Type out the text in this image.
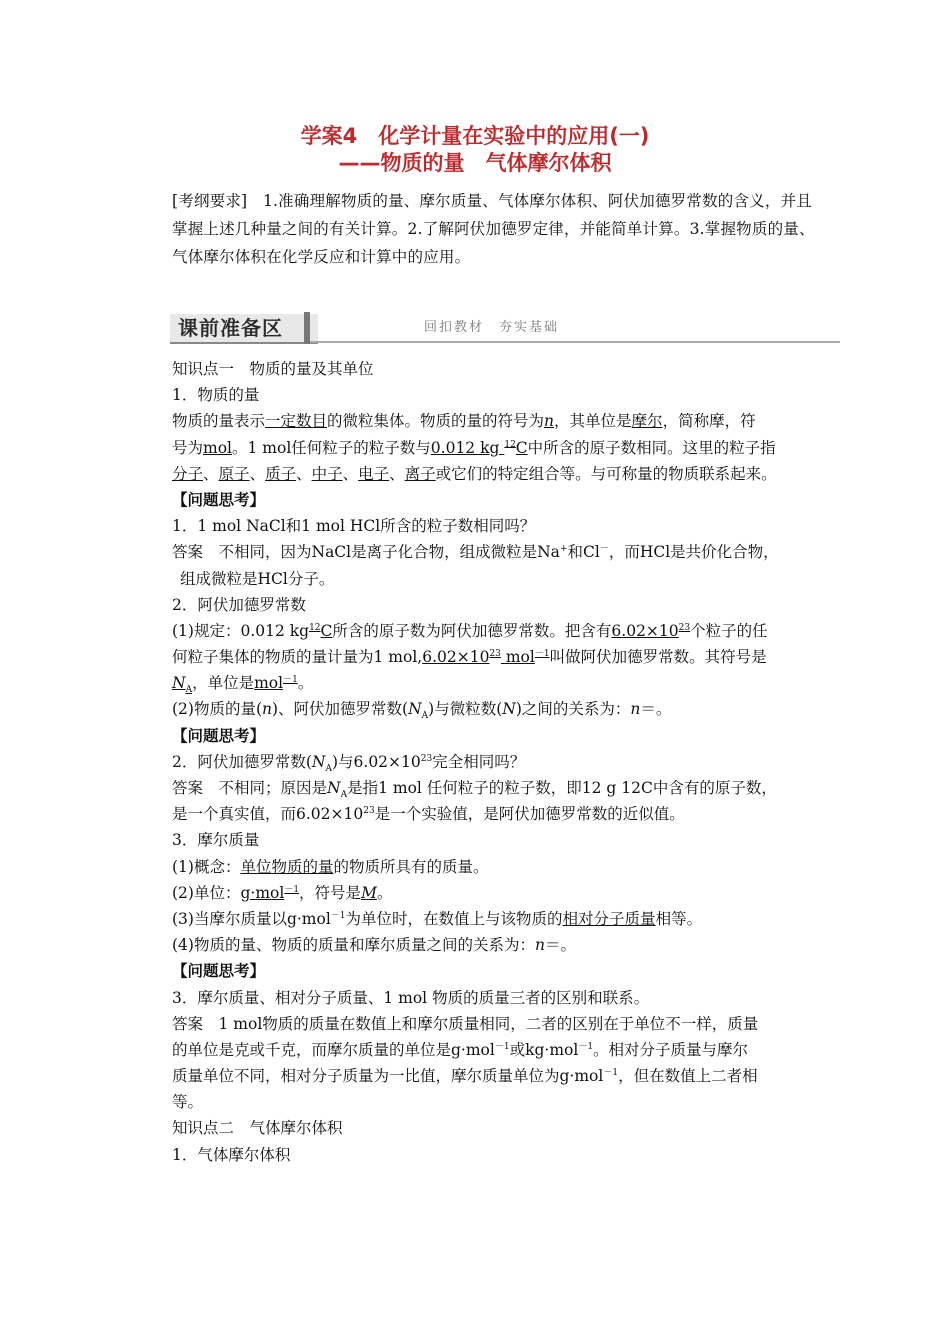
学案4　化学计量在实验中的应用(一)
——物质的量　气体摩尔体积
[考纲要求]　1.准确理解物质的量、摩尔质量、气体摩尔体积、阿伏加德罗常数的含义，并且掌握上述几种量之间的有关计算。2.了解阿伏加德罗定律，并能简单计算。3.掌握物质的量、气体摩尔体积在化学反应和计算中的应用。
课前准备区	回扣教材　夯实基础
知识点一　物质的量及其单位
1．物质的量
物质的量表示一定数目的微粒集体。物质的量的符号为n，其单位是摩尔，简称摩，符
号为mol。1 mol任何粒子的粒子数与0.012 kg $^{12}$C中所含的原子数相同。这里的粒子指
分子、原子、质子、中子、电子、离子或它们的特定组合等。与可称量的物质联系起来。
【问题思考】
1．1 mol NaCl和1 mol HCl所含的粒子数相同吗？
答案　不相同，因为NaCl是离子化合物，组成微粒是Na+和Cl－，而HCl是共价化合物，
组成微粒是HCl分子。
2．阿伏加德罗常数
(1)规定：0.012 $kg^{12}C$所含的原子数为阿伏加德罗常数。把含有$6.02\times 10^{23}$个粒子的任
何粒子集体的物质的量计量为1 $mol,6.02\times 10^{23}$ mol$^{-1}$叫做阿伏加德罗常数。其符号是
$N_A$，单位是mol$^{-1}$。
(2)物质的量(n)、阿伏加德罗常数$(N_A)$与微粒数(N)之间的关系为：n＝。
【问题思考】
2．阿伏加德罗常数$(N_A)$与$6.02\times 10^{23}$完全相同吗？
答案　不相同；原因是$N_A$是指1 mol 任何粒子的粒子数，即12 g 12C中含有的原子数，
是一个真实值，而$6.02\times 10^{23}$是一个实验值，是阿伏加德罗常数的近似值。
3．摩尔质量
(1)概念：单位物质的量的物质所具有的质量。
(2)单位：g·mol$^{-1}$，符号是M。
(3)当摩尔质量以g·mol$^{-1}$为单位时，在数值上与该物质的相对分子质量相等。
(4)物质的量、物质的质量和摩尔质量之间的关系为：n＝。
【问题思考】
3．摩尔质量、相对分子质量、1 mol 物质的质量三者的区别和联系。
答案　1 mol物质的质量在数值上和摩尔质量相同，二者的区别在于单位不一样，质量
的单位是克或千克，而摩尔质量的单位是g·mol$^{-1}$或kg·mol$^{-1}$。相对分子质量与摩尔
质量单位不同，相对分子质量为一比值，摩尔质量单位为g·mol$^{-1}$，但在数值上二者相
等。
知识点二　气体摩尔体积
1．气体摩尔体积
